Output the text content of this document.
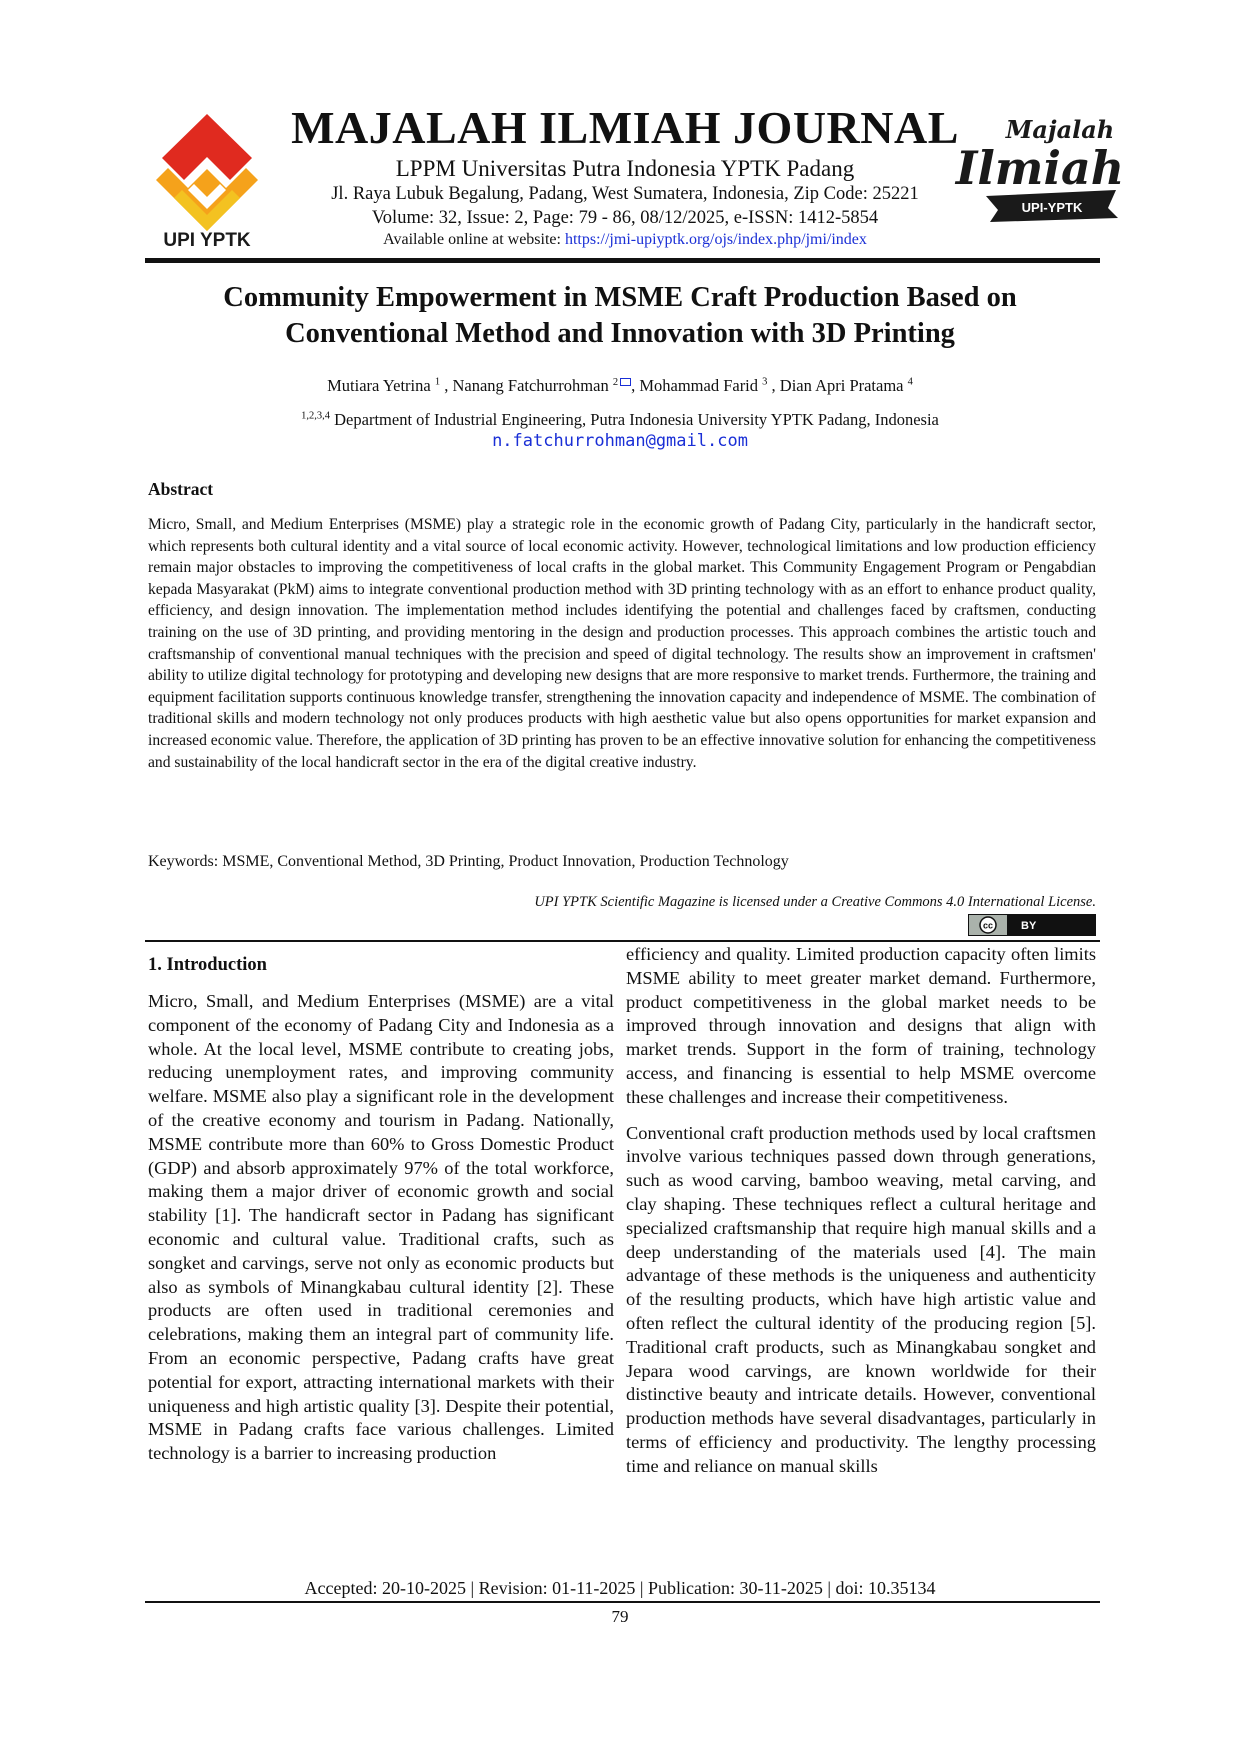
UPI YPTK
MAJALAH ILMIAH JOURNAL
LPPM Universitas Putra Indonesia YPTK Padang
Jl. Raya Lubuk Begalung, Padang, West Sumatera, Indonesia, Zip Code: 25221
Volume: 32, Issue: 2, Page: 79 - 86, 08/12/2025, e-ISSN: 1412-5854
Available online at website: https://jmi-upiyptk.org/ojs/index.php/jmi/index
Majalah
Ilmiah
UPI-YPTK
Community Empowerment in MSME Craft Production Based on
Conventional Method and Innovation with 3D Printing
Mutiara Yetrina $^1$ , Nanang Fatchurrohman $^2$ , Mohammad Farid $^3$ , Dian Apri Pratama $^4$
$^{1,2,3,4}$ Department of Industrial Engineering, Putra Indonesia University YPTK Padang, Indonesia
n.fatchurrohman@gmail.com
Abstract
Micro, Small, and Medium Enterprises (MSME) play a strategic role in the economic growth of Padang City, particularly in the handicraft sector, which represents both cultural identity and a vital source of local economic activity. However, technological limitations and low production efficiency remain major obstacles to improving the competitiveness of local crafts in the global market. This Community Engagement Program or Pengabdian kepada Masyarakat (PkM) aims to integrate conventional production method with 3D printing technology with as an effort to enhance product quality, efficiency, and design innovation. The implementation method includes identifying the potential and challenges faced by craftsmen, conducting training on the use of 3D printing, and providing mentoring in the design and production processes. This approach combines the artistic touch and craftsmanship of conventional manual techniques with the precision and speed of digital technology. The results show an improvement in craftsmen' ability to utilize digital technology for prototyping and developing new designs that are more responsive to market trends. Furthermore, the training and equipment facilitation supports continuous knowledge transfer, strengthening the innovation capacity and independence of MSME. The combination of traditional skills and modern technology not only produces products with high aesthetic value but also opens opportunities for market expansion and increased economic value. Therefore, the application of 3D printing has proven to be an effective innovative solution for enhancing the competitiveness and sustainability of the local handicraft sector in the era of the digital creative industry.
Keywords: MSME, Conventional Method, 3D Printing, Product Innovation, Production Technology
UPI YPTK Scientific Magazine is licensed under a Creative Commons 4.0 International License.
cc	BY
1. Introduction

Micro, Small, and Medium Enterprises (MSME) are a vital component of the economy of Padang City and Indonesia as a whole. At the local level, MSME contribute to creating jobs, reducing unemployment rates, and improving community welfare. MSME also play a significant role in the development of the creative economy and tourism in Padang. Nationally, MSME contribute more than 60% to Gross Domestic Product (GDP) and absorb approximately 97% of the total workforce, making them a major driver of economic growth and social stability [1]. The handicraft sector in Padang has significant economic and cultural value. Traditional crafts, such as songket and carvings, serve not only as economic products but also as symbols of Minangkabau cultural identity [2]. These products are often used in traditional ceremonies and celebrations, making them an integral part of community life. From an economic perspective, Padang crafts have great potential for export, attracting international markets with their uniqueness and high artistic quality [3]. Despite their potential, MSME in Padang crafts face various challenges. Limited technology is a barrier to increasing production

efficiency and quality. Limited production capacity often limits MSME ability to meet greater market demand. Furthermore, product competitiveness in the global market needs to be improved through innovation and designs that align with market trends. Support in the form of training, technology access, and financing is essential to help MSME overcome these challenges and increase their competitiveness.

Conventional craft production methods used by local craftsmen involve various techniques passed down through generations, such as wood carving, bamboo weaving, metal carving, and clay shaping. These techniques reflect a cultural heritage and specialized craftsmanship that require high manual skills and a deep understanding of the materials used [4]. The main advantage of these methods is the uniqueness and authenticity of the resulting products, which have high artistic value and often reflect the cultural identity of the producing region [5]. Traditional craft products, such as Minangkabau songket and Jepara wood carvings, are known worldwide for their distinctive beauty and intricate details. However, conventional production methods have several disadvantages, particularly in terms of efficiency and productivity. The lengthy processing time and reliance on manual skills

Accepted: 20-10-2025 | Revision: 01-11-2025 | Publication: 30-11-2025 | doi: 10.35134
79
